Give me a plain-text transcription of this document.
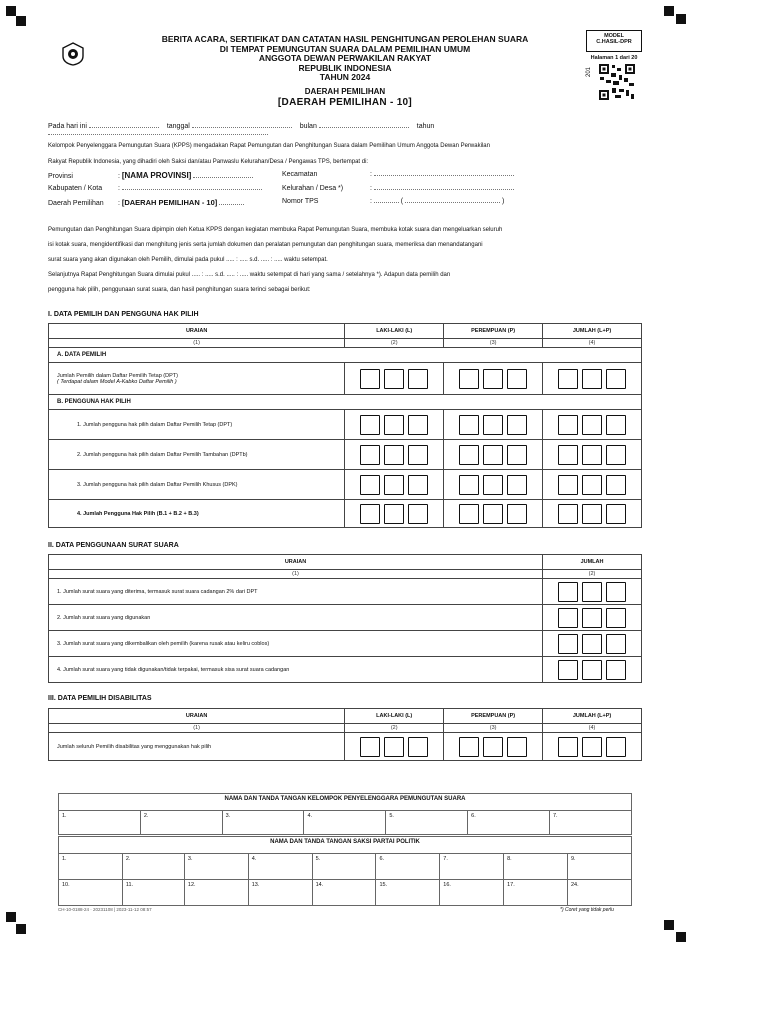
BERITA ACARA, SERTIFIKAT DAN CATATAN HASIL PENGHITUNGAN PEROLEHAN SUARA
DI TEMPAT PEMUNGUTAN SUARA DALAM PEMILIHAN UMUM
ANGGOTA DEWAN PERWAKILAN RAKYAT
REPUBLIK INDONESIA
TAHUN 2024
DAERAH PEMILIHAN
[DAERAH PEMILIHAN - 10]
MODEL
C.HASIL-DPR
Halaman 1 dari 20
201
Pada hari ini	tanggal	bulan	tahun
Kelompok Penyelenggara Pemungutan Suara (KPPS) mengadakan Rapat Pemungutan dan Penghitungan Suara dalam Pemilihan Umum Anggota Dewan Perwakilan
Rakyat Republik Indonesia, yang dihadiri oleh Saksi dan/atau Panwaslu Kelurahan/Desa / Pengawas TPS, bertempat di:
Provinsi	: [NAMA PROVINSI]
Kabupaten / Kota :
Daerah Pemilihan : [DAERAH PEMILIHAN - 10]
Kecamatan	:
Kelurahan / Desa *)	:
Nomor TPS	:	(	)
Pemungutan dan Penghitungan Suara dipimpin oleh Ketua KPPS dengan kegiatan membuka Rapat Pemungutan Suara, membuka kotak suara dan mengeluarkan seluruh
isi kotak suara, mengidentifikasi dan menghitung jenis serta jumlah dokumen dan peralatan pemungutan dan penghitungan suara, memeriksa dan menandatangani
surat suara yang akan digunakan oleh Pemilih, dimulai pada pukul ..... : ..... s.d. ..... : ..... waktu setempat.
Selanjutnya Rapat Penghitungan Suara dimulai pukul ..... : ..... s.d. ..... : ..... waktu setempat di hari yang sama / setelahnya *). Adapun data pemilih dan
pengguna hak pilih, penggunaan surat suara, dan hasil penghitungan suara terinci sebagai berikut:
I. DATA PEMILIH DAN PENGGUNA HAK PILIH
URAIAN	LAKI-LAKI (L)	PEREMPUAN (P)	JUMLAH (L+P)
(1)	(2)	(3)	(4)
A. DATA PEMILIH			

Jumlah Pemilih dalam Daftar Pemilih Tetap (DPT)
( Terdapat dalam Model A-Kabko Daftar Pemilih )			

B. PENGGUNA HAK PILIH			
1. Jumlah pengguna hak pilih dalam Daftar Pemilih Tetap (DPT)	

2. Jumlah pengguna hak pilih dalam Daftar Pemilih Tambahan (DPTb)	

3. Jumlah pengguna hak pilih dalam Daftar Pemilih Khusus (DPK)	

4. Jumlah Pengguna Hak Pilih (B.1 + B.2 + B.3)	

II. DATA PENGGUNAAN SURAT SUARA
URAIAN	JUMLAH
(1)	(2)
1. Jumlah surat suara yang diterima, termasuk surat suara cadangan 2% dari DPT	

2. Jumlah surat suara yang digunakan	

3. Jumlah surat suara yang dikembalikan oleh pemilih (karena rusak atau keliru coblos)	

4. Jumlah surat suara yang tidak digunakan/tidak terpakai, termasuk sisa surat suara cadangan	
III. DATA PEMILIH DISABILITAS
URAIAN	LAKI-LAKI (L)	PEREMPUAN (P)	JUMLAH (L+P)
(1)	(2)	(3)	(4)
Jumlah seluruh Pemilih disabilitas yang menggunakan hak pilih	

NAMA DAN TANDA TANGAN KELOMPOK PENYELENGGARA PEMUNGUTAN SUARA
1.	2.	3.	4.	5.	6.	7.
NAMA DAN TANDA TANGAN SAKSI PARTAI POLITIK								
1.	2.	3.	4.	5.	6.	7.	8.	9.
10.	11.	12.	13.	14.	15.	16.	17.	24.
CH-10-0188-24 · 20231108 | 2023-11-12 08:57	*) Coret yang tidak perlu
